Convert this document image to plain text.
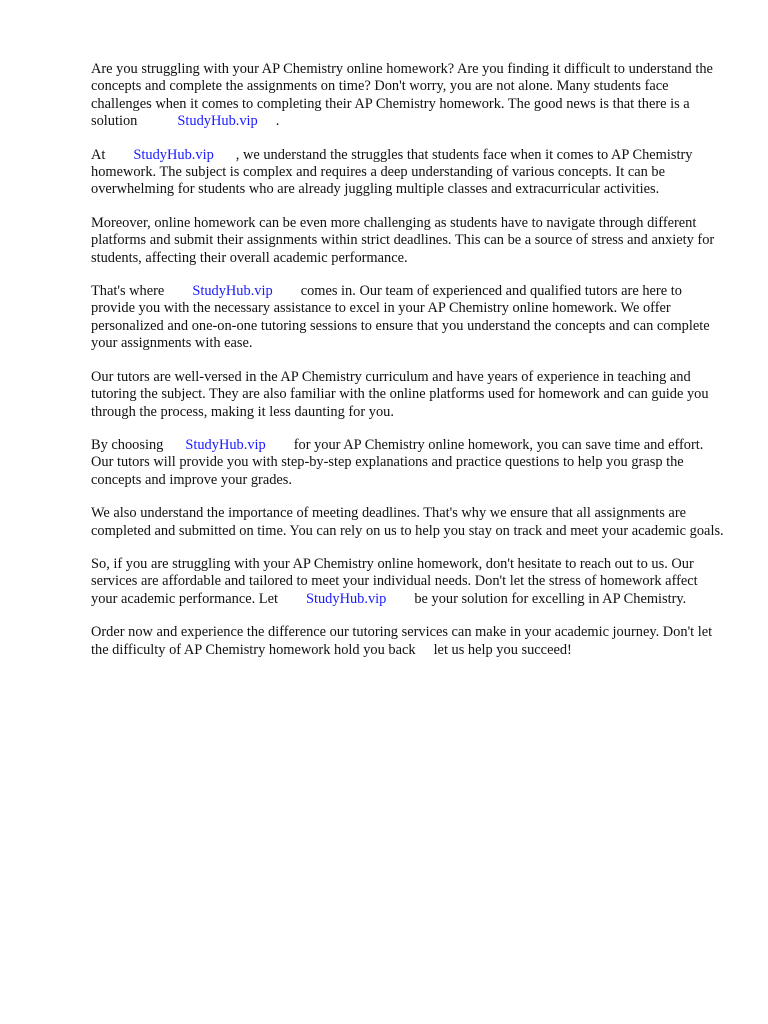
Are you struggling with your AP Chemistry online homework? Are you finding it difficult to understand the concepts and complete the assignments on time? Don't worry, you are not alone. Many students face challenges when it comes to completing their AP Chemistry homework. The good news is that there is a solution	StudyHub.vip .

At StudyHub.vip , we understand the struggles that students face when it comes to AP Chemistry homework. The subject is complex and requires a deep understanding of various concepts. It can be overwhelming for students who are already juggling multiple classes and extracurricular activities.

Moreover, online homework can be even more challenging as students have to navigate through different platforms and submit their assignments within strict deadlines. This can be a source of stress and anxiety for students, affecting their overall academic performance.

That's where StudyHub.vip comes in. Our team of experienced and qualified tutors are here to provide you with the necessary assistance to excel in your AP Chemistry online homework. We offer personalized and one-on-one tutoring sessions to ensure that you understand the concepts and can complete your assignments with ease.

Our tutors are well-versed in the AP Chemistry curriculum and have years of experience in teaching and tutoring the subject. They are also familiar with the online platforms used for homework and can guide you through the process, making it less daunting for you.

By choosing StudyHub.vip for your AP Chemistry online homework, you can save time and effort. Our tutors will provide you with step-by-step explanations and practice questions to help you grasp the concepts and improve your grades.

We also understand the importance of meeting deadlines. That's why we ensure that all assignments are completed and submitted on time. You can rely on us to help you stay on track and meet your academic goals.

So, if you are struggling with your AP Chemistry online homework, don't hesitate to reach out to us. Our services are affordable and tailored to meet your individual needs. Don't let the stress of homework affect your academic performance. Let StudyHub.vip be your solution for excelling in AP Chemistry.

Order now and experience the difference our tutoring services can make in your academic journey. Don't let the difficulty of AP Chemistry homework hold you back let us help you succeed!
